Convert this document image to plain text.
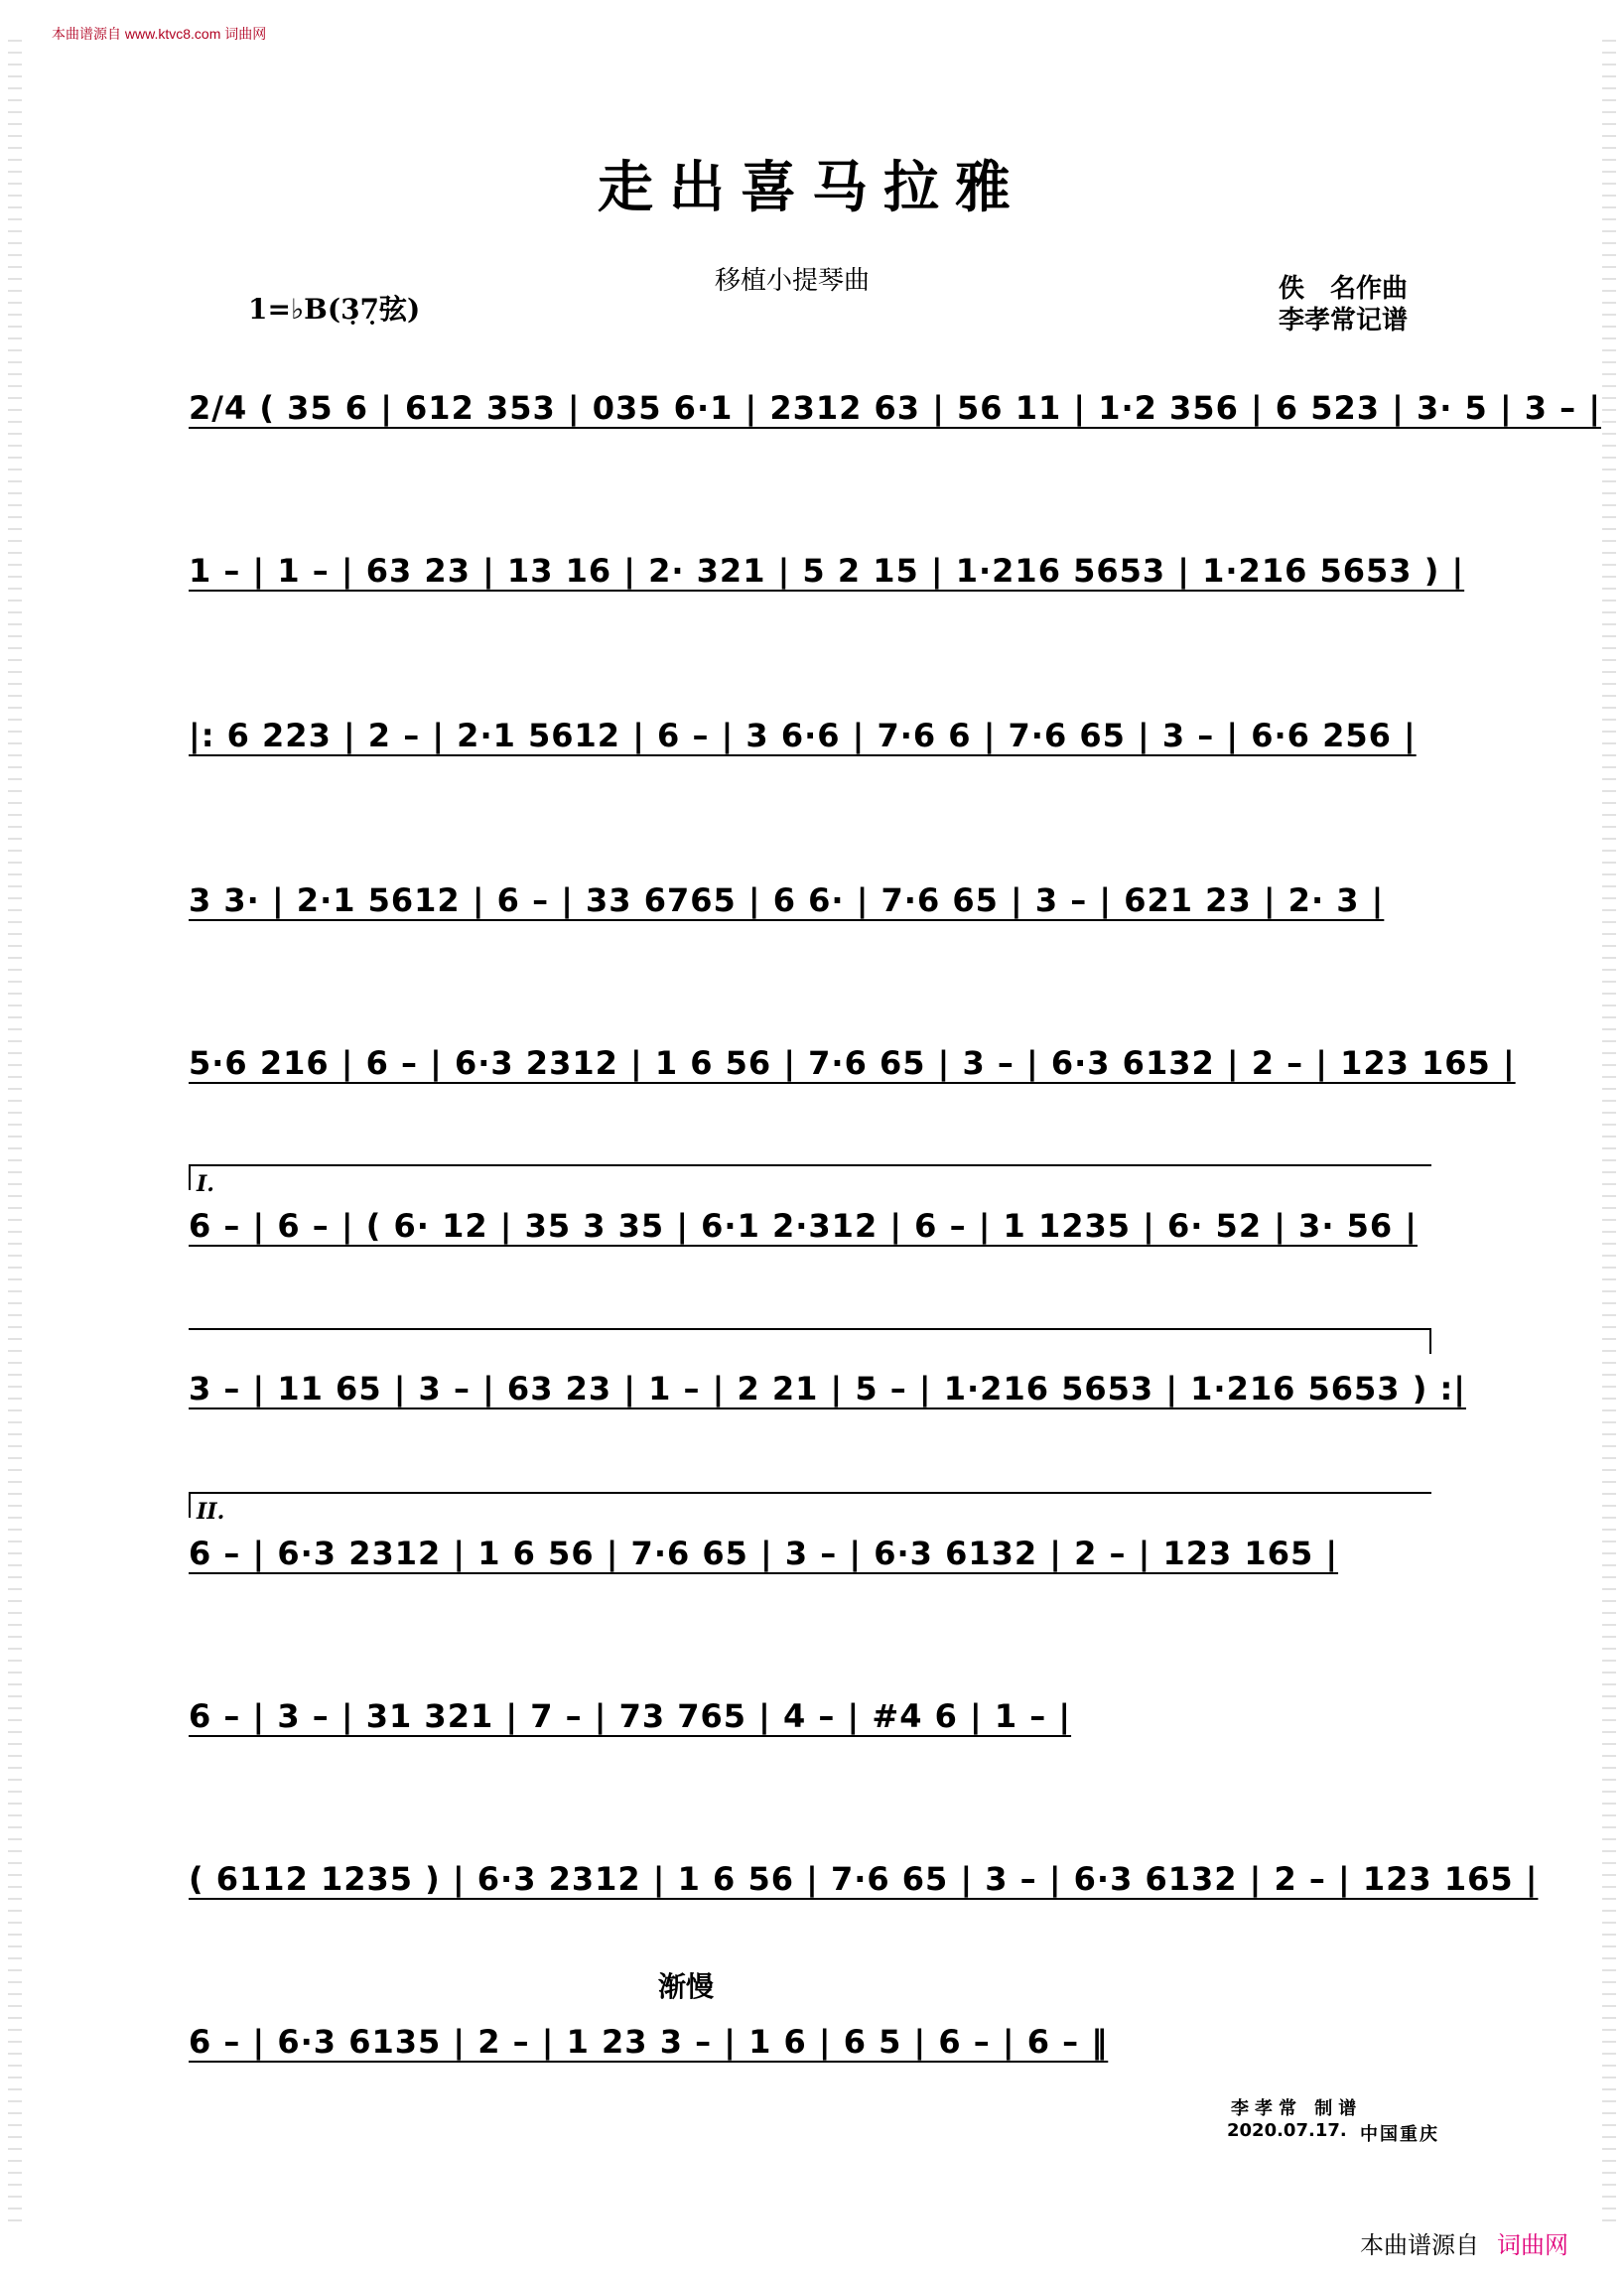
本曲谱源自 www.ktvc8.com 词曲网
走出喜马拉雅
移植小提琴曲
1=♭B(3̣7̣弦)
佚　名作曲
李孝常记谱
2/4 ( 35 6 | 612 353 | 035 6·1 | 2312 63 | 56 11 | 1·2 356 | 6 523 | 3· 5 | 3 – |
1 – | 1 – | 63 23 | 13 16 | 2· 321 | 5 2 15 | 1·216 5653 | 1·216 5653 ) |
|: 6 223 | 2 – | 2·1 5612 | 6 – | 3 6·6 | 7·6 6 | 7·6 65 | 3 – | 6·6 256 |
3 3· | 2·1 5612 | 6 – | 33 6765 | 6 6· | 7·6 65 | 3 – | 621 23 | 2· 3 |
5·6 216 | 6 – | 6·3 2312 | 1 6 56 | 7·6 65 | 3 – | 6·3 6132 | 2 – | 123 165 |
I.
6 – | 6 – | ( 6· 12 | 35 3 35 | 6·1 2·312 | 6 – | 1 1235 | 6· 52 | 3· 56 |
3 – | 11 65 | 3 – | 63 23 | 1 – | 2 21 | 5 – | 1·216 5653 | 1·216 5653 ) :|
II.
6 – | 6·3 2312 | 1 6 56 | 7·6 65 | 3 – | 6·3 6132 | 2 – | 123 165 |
6 – | 3 – | 31 321 | 7 – | 73 765 | 4 – | #4 6 | 1 – |
( 6112 1235 ) | 6·3 2312 | 1 6 56 | 7·6 65 | 3 – | 6·3 6132 | 2 – | 123 165 |
渐慢
6 – | 6·3 6135 | 2 – | 1 23 3 – | 1 6 | 6 5 | 6 – | 6 – ‖
李孝常 制谱
2020.07.17. 中国重庆
本曲谱源自 词曲网
